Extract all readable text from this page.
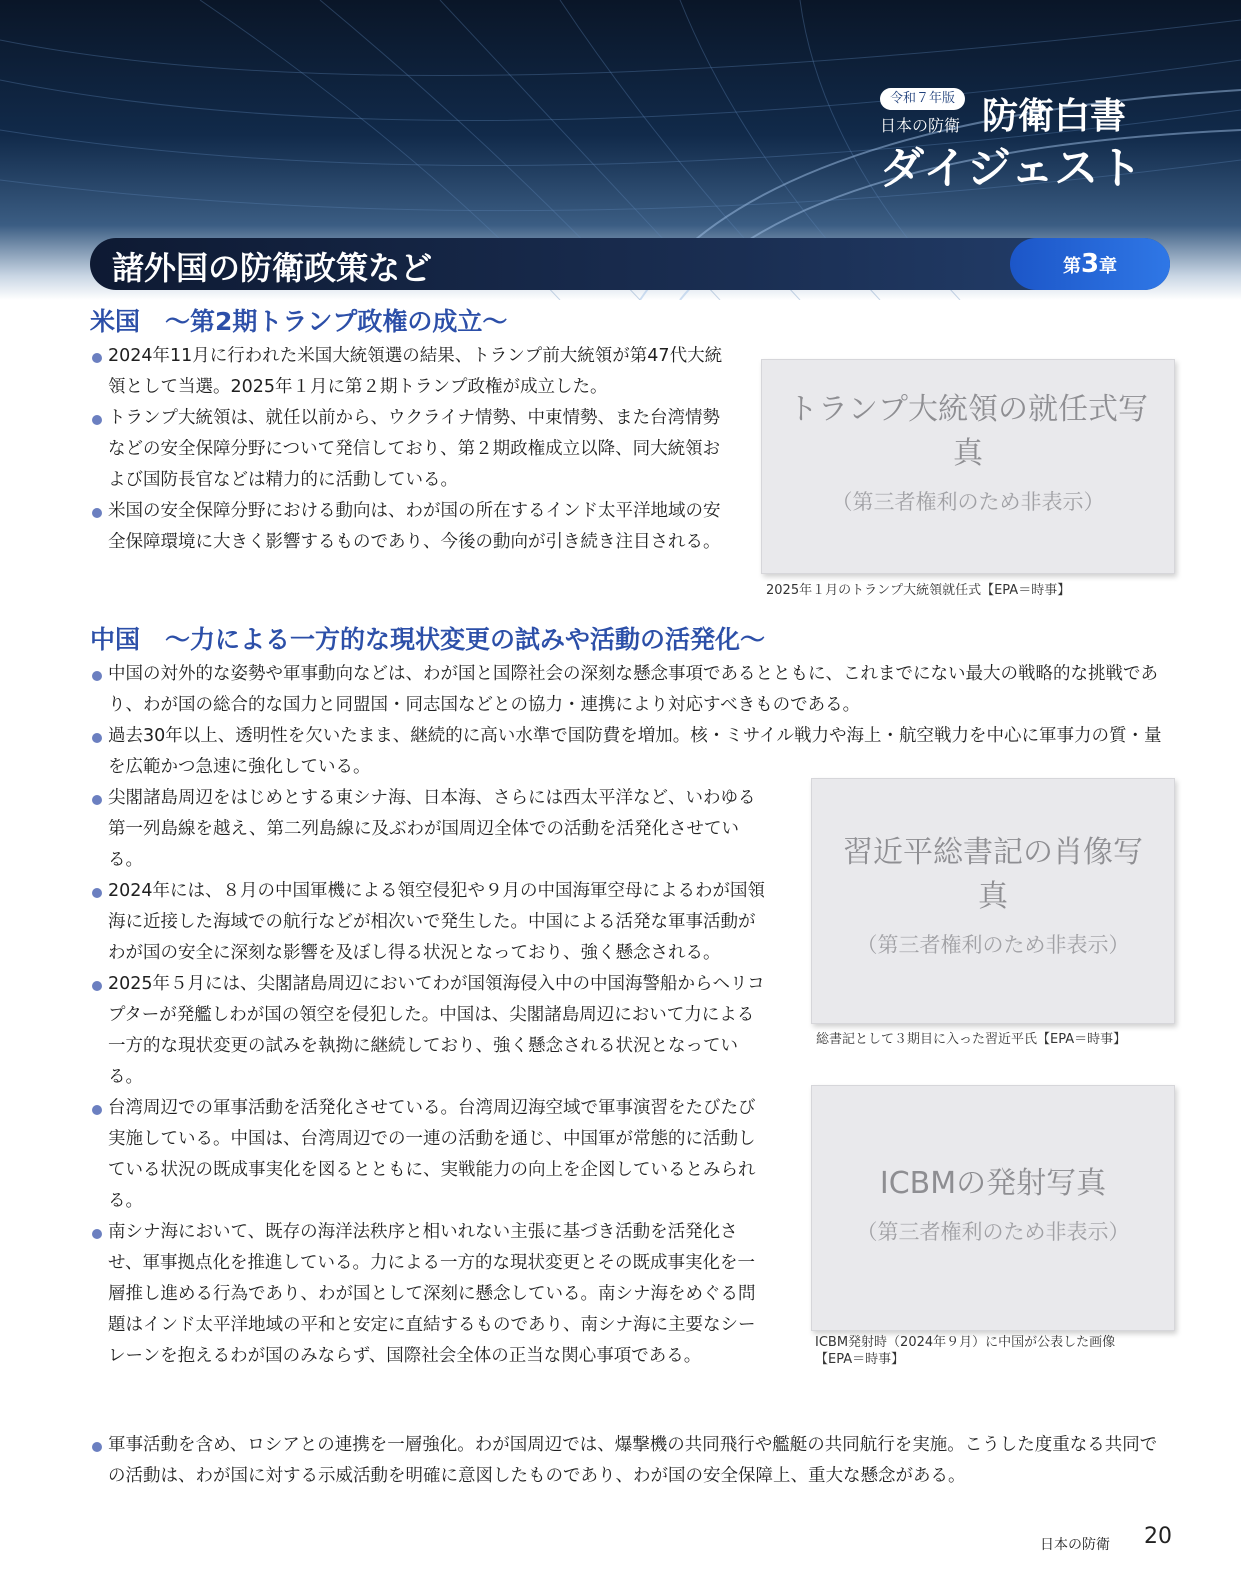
令和７年版
日本の防衛 防衛白書
ダイジェスト
諸外国の防衛政策など	第3章
米国　～第2期トランプ政権の成立～
2024年11月に行われた米国大統領選の結果、トランプ前大統領が第47代大統領として当選。2025年１月に第２期トランプ政権が成立した。
トランプ大統領は、就任以前から、ウクライナ情勢、中東情勢、また台湾情勢などの安全保障分野について発信しており、第２期政権成立以降、同大統領および国防長官などは精力的に活動している。
米国の安全保障分野における動向は、わが国の所在するインド太平洋地域の安全保障環境に大きく影響するものであり、今後の動向が引き続き注目される。
トランプ大統領の就任式写真
（第三者権利のため非表示）
2025年１月のトランプ大統領就任式【EPA＝時事】
中国　～力による一方的な現状変更の試みや活動の活発化～
中国の対外的な姿勢や軍事動向などは、わが国と国際社会の深刻な懸念事項であるとともに、これまでにない最大の戦略的な挑戦であり、わが国の総合的な国力と同盟国・同志国などとの協力・連携により対応すべきものである。
過去30年以上、透明性を欠いたまま、継続的に高い水準で国防費を増加。核・ミサイル戦力や海上・航空戦力を中心に軍事力の質・量を広範かつ急速に強化している。
尖閣諸島周辺をはじめとする東シナ海、日本海、さらには西太平洋など、いわゆる第一列島線を越え、第二列島線に及ぶわが国周辺全体での活動を活発化させている。
2024年には、８月の中国軍機による領空侵犯や９月の中国海軍空母によるわが国領海に近接した海域での航行などが相次いで発生した。中国による活発な軍事活動がわが国の安全に深刻な影響を及ぼし得る状況となっており、強く懸念される。
2025年５月には、尖閣諸島周辺においてわが国領海侵入中の中国海警船からヘリコプターが発艦しわが国の領空を侵犯した。中国は、尖閣諸島周辺において力による一方的な現状変更の試みを執拗に継続しており、強く懸念される状況となっている。
台湾周辺での軍事活動を活発化させている。台湾周辺海空域で軍事演習をたびたび実施している。中国は、台湾周辺での一連の活動を通じ、中国軍が常態的に活動している状況の既成事実化を図るとともに、実戦能力の向上を企図しているとみられる。
南シナ海において、既存の海洋法秩序と相いれない主張に基づき活動を活発化させ、軍事拠点化を推進している。力による一方的な現状変更とその既成事実化を一層推し進める行為であり、わが国として深刻に懸念している。南シナ海をめぐる問題はインド太平洋地域の平和と安定に直結するものであり、南シナ海に主要なシーレーンを抱えるわが国のみならず、国際社会全体の正当な関心事項である。
軍事活動を含め、ロシアとの連携を一層強化。わが国周辺では、爆撃機の共同飛行や艦艇の共同航行を実施。こうした度重なる共同での活動は、わが国に対する示威活動を明確に意図したものであり、わが国の安全保障上、重大な懸念がある。
習近平総書記の肖像写真
（第三者権利のため非表示）
総書記として３期目に入った習近平氏【EPA＝時事】
ICBMの発射写真
（第三者権利のため非表示）
ICBM発射時（2024年９月）に中国が公表した画像【EPA＝時事】
日本の防衛 20
